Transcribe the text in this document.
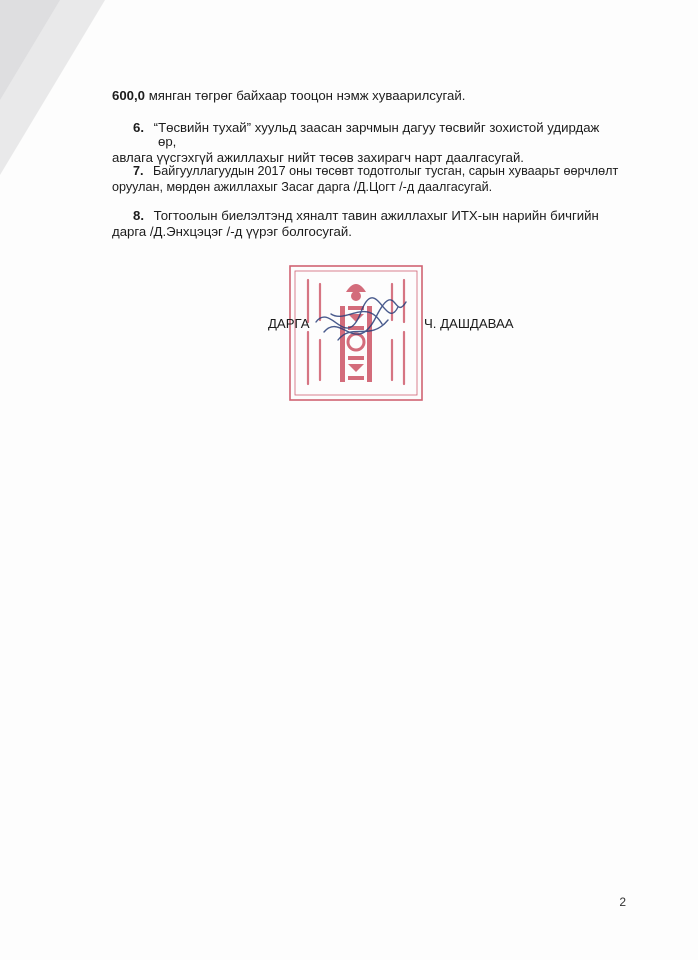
600,0 мянган төгрөг байхаар тооцон нэмж хуваарилсугай.
6. “Төсвийн тухай” хуульд заасан зарчмын дагуу төсвийг зохистой удирдаж
өр,
авлага үүсгэхгүй ажиллахыг нийт төсөв захирагч нарт даалгасугай.
7. Байгууллагуудын 2017 оны төсөвт тодотголыг тусган, сарын хуваарьт өөрчлөлт
оруулан, мөрдөн ажиллахыг Засаг дарга /Д.Цогт /-д даалгасугай.
8. Тогтоолын биелэлтэнд хяналт тавин ажиллахыг ИТХ-ын нарийн бичгийн
дарга /Д.Энхцэцэг /-д үүрэг болгосугай.
ДАРГА	Ч. ДАШДАВАА
2
